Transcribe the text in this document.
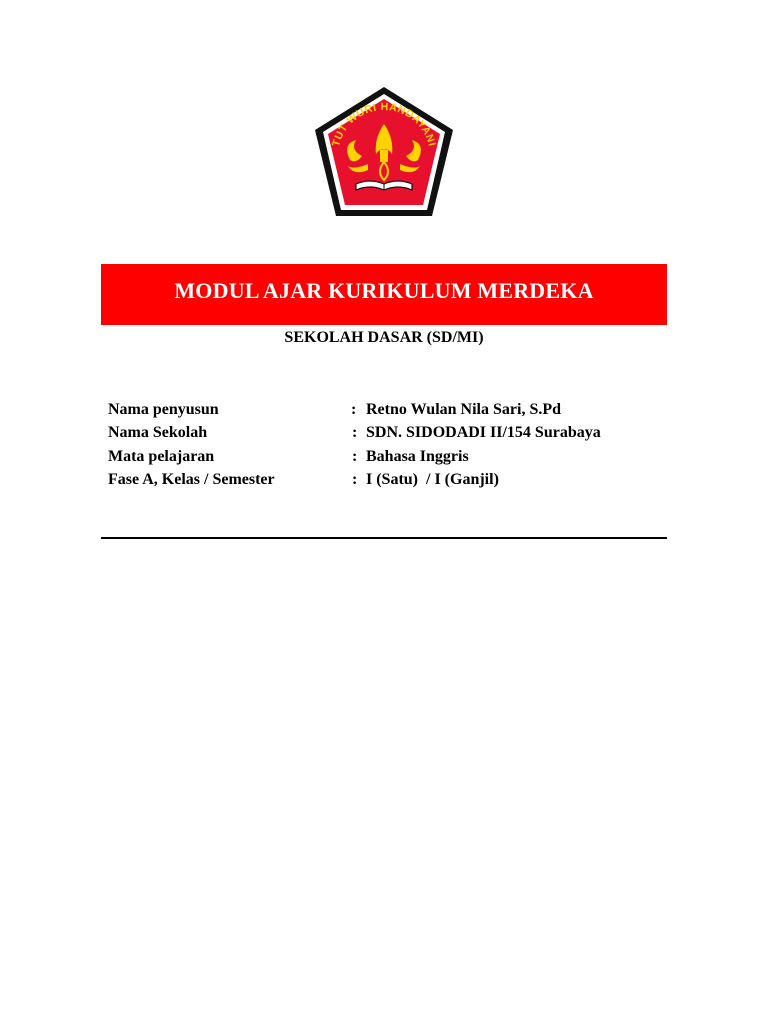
TUT WURI HANDAYANI
MODUL AJAR KURIKULUM MERDEKA
SEKOLAH DASAR (SD/MI)
Nama penyusun	: Retno Wulan Nila Sari, S.Pd
Nama Sekolah	: SDN. SIDODADI II/154 Surabaya
Mata pelajaran	: Bahasa Inggris
Fase A, Kelas / Semester	: I (Satu)  / I (Ganjil)
